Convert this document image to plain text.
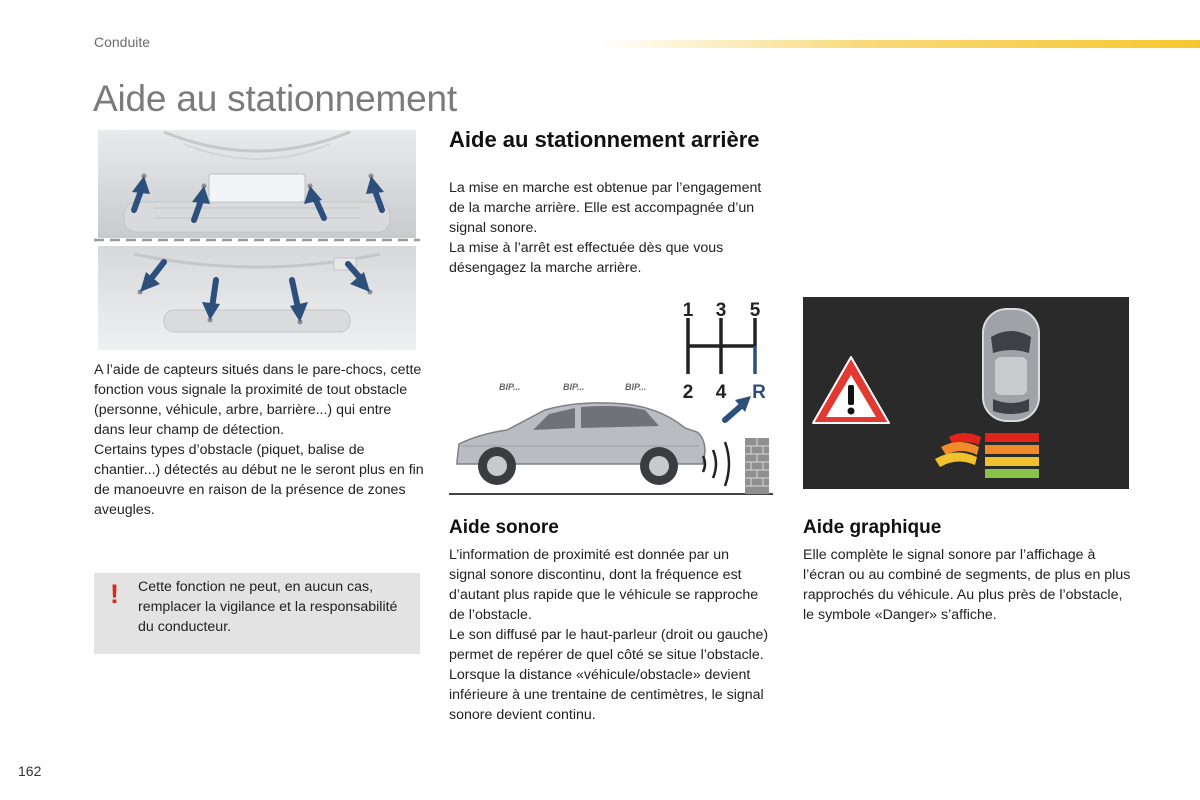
Conduite
Aide au stationnement

A l’aide de capteurs situés dans le pare-chocs, cette fonction vous signale la proximité de tout obstacle (personne, véhicule, arbre, barrière...) qui entre dans leur champ de détection.

Certains types d’obstacle (piquet, balise de chantier...) détectés au début ne le seront plus en fin de manoeuvre en raison de la présence de zones aveugles.

! Cette fonction ne peut, en aucun cas, remplacer la vigilance et la responsabilité du conducteur.
Aide au stationnement arrière

La mise en marche est obtenue par l’engagement de la marche arrière. Elle est accompagnée d’un signal sonore.

La mise à l’arrêt est effectuée dès que vous désengagez la marche arrière.

1 3 5
2 4 R
BIP...	BIP...	BIP...
Aide sonore

L’information de proximité est donnée par un signal sonore discontinu, dont la fréquence est d’autant plus rapide que le véhicule se rapproche de l’obstacle.

Le son diffusé par le haut-parleur (droit ou gauche) permet de repérer de quel côté se situe l’obstacle.

Lorsque la distance «véhicule/obstacle» devient inférieure à une trentaine de centimètres, le signal sonore devient continu.

Aide graphique

Elle complète le signal sonore par l’affichage à l’écran ou au combiné de segments, de plus en plus rapprochés du véhicule. Au plus près de l’obstacle, le symbole «Danger» s’affiche.

162
